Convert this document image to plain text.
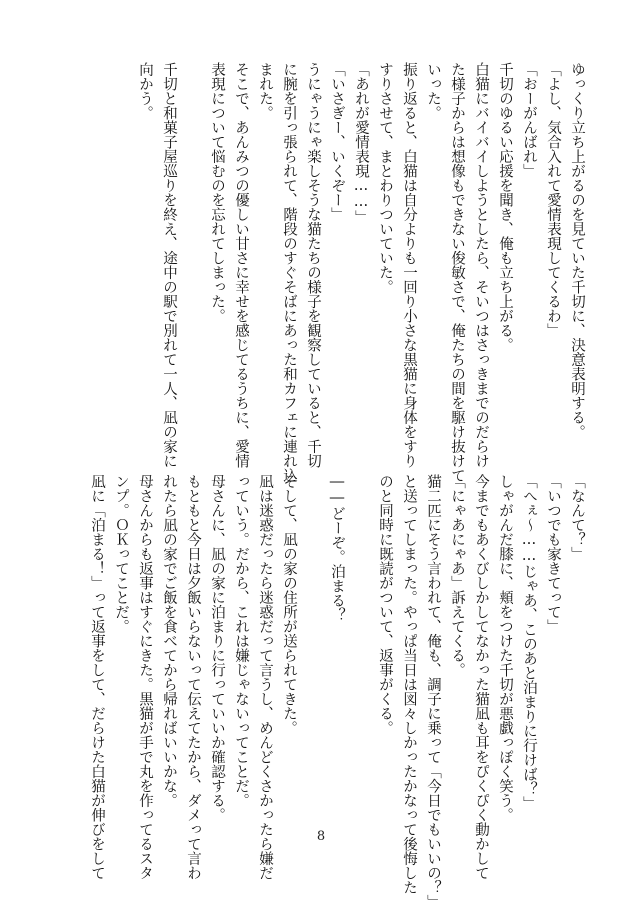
ゆっくり立ち上がるのを見ていた千切に、決意表明する。
「よし、気合入れて愛情表現してくるわ」
「おーがんばれ」
千切のゆるい応援を聞き、俺も立ち上がる。
白猫にバイバイしようとしたら、そいつはさっきまでのだらけ
た様子からは想像もできない俊敏さで、俺たちの間を駆け抜けて
いった。
振り返ると、白猫は自分よりも一回り小さな黒猫に身体をすり
すりさせて、まとわりついていた。
「あれが愛情表現……」
「いさぎー、いくぞー」
うにゃうにゃ楽しそうな猫たちの様子を観察していると、千切
に腕を引っ張られて、階段のすぐそばにあった和カフェに連れ込
まれた。
そこで、あんみつの優しい甘さに幸せを感じてるうちに、愛情
表現について悩むのを忘れてしまった。
千切と和菓子屋巡りを終え、途中の駅で別れて一人、凪の家に
向かう。
「なんて？」
「いつでも家きてって」
「へぇ～……じゃあ、このあと泊まりに行けば？」
しゃがんだ膝に、頬をつけた千切が悪戯っぽく笑う。
今までもあくびしかしてなかった猫凪も耳をぴくぴく動かして
「にゃあにゃあ」訴えてくる。
猫二匹にそう言われて、俺も、調子に乗って「今日でもいいの？」
と送ってしまった。やっぱ当日は図々しかったかなって後悔した
のと同時に既読がついて、返事がくる。
――どーぞ。泊まる？
そして、凪の家の住所が送られてきた。
凪は迷惑だったら迷惑だって言うし、めんどくさかったら嫌だ
っていう。だから、これは嫌じゃないってことだ。
母さんに、凪の家に泊まりに行っていいか確認する。
もともと今日は夕飯いらないって伝えてたから、ダメって言わ
れたら凪の家でご飯を食べてから帰ればいいかな。
母さんからも返事はすぐにきた。黒猫が手で丸を作ってるスタ
ンプ。ＯＫってことだ。
凪に「泊まる！」って返事をして、だらけた白猫が伸びをして	8
